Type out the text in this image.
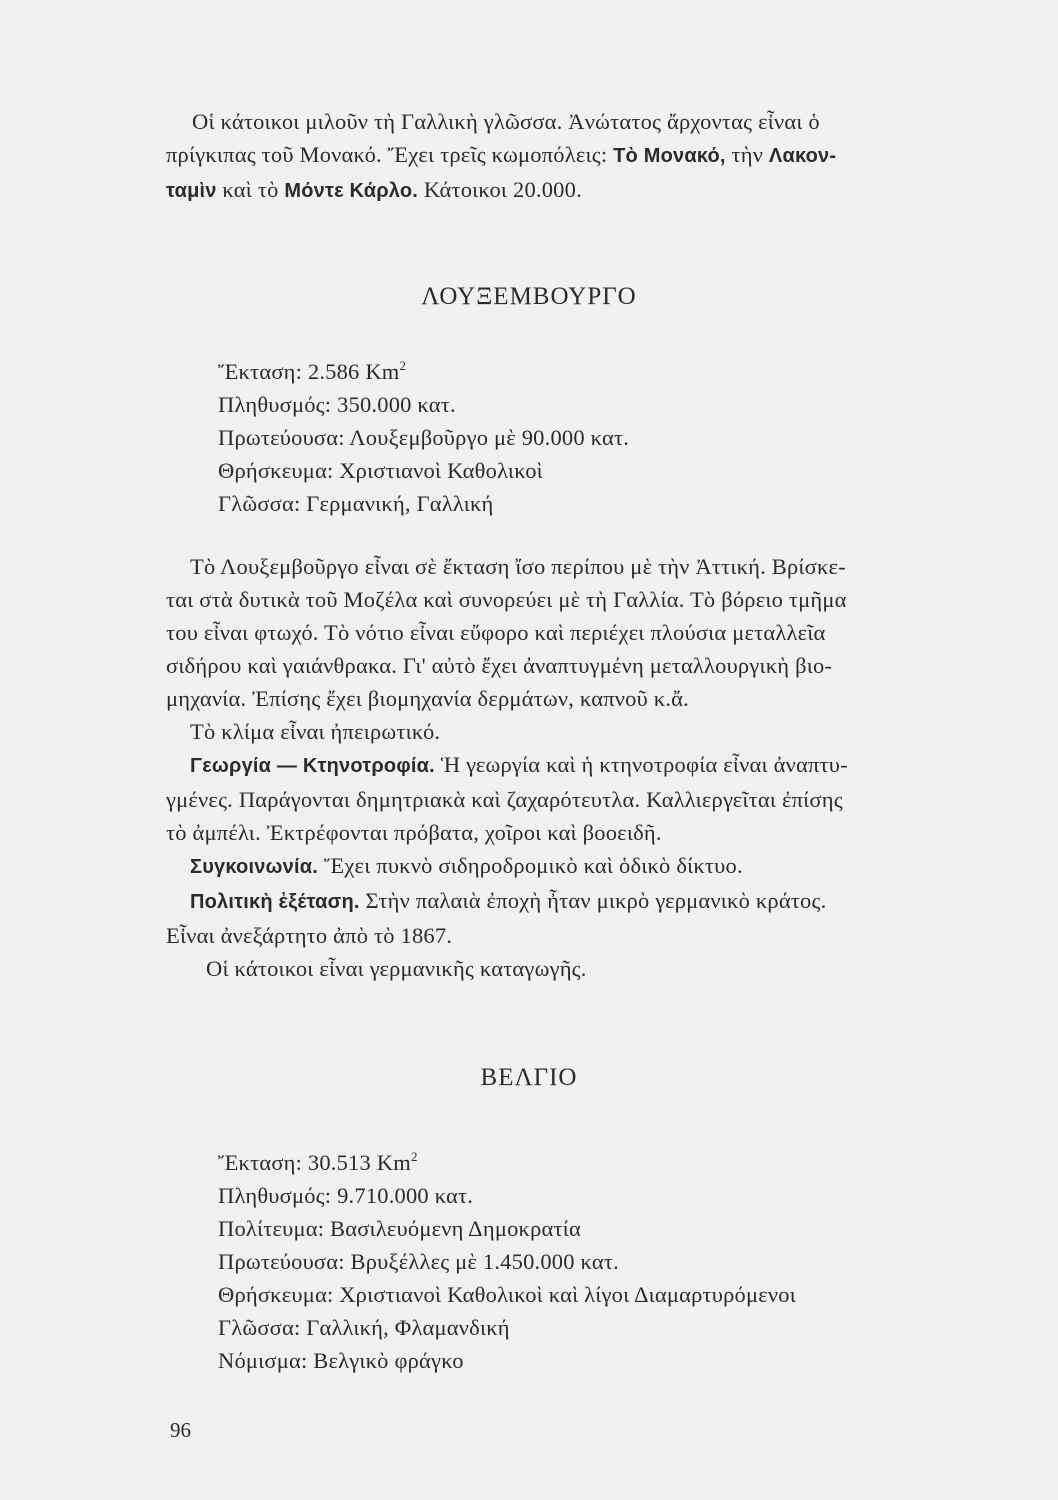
Οἱ κάτοικοι μιλοῦν τὴ Γαλλικὴ γλῶσσα. Ἀνώτατος ἄρχοντας εἶναι ὁ

πρίγκιπας τοῦ Μονακό. Ἔχει τρεῖς κωμοπόλεις: Τὸ Μονακό, τὴν Λακον-

ταμὶν καὶ τὸ Μόντε Κάρλο. Κάτοικοι 20.000.

ΛΟΥΞΕΜΒΟΥΡΓΟ
Ἔκταση: 2.586 Km$^2$
Πληθυσμός: 350.000 κατ.
Πρωτεύουσα: Λουξεμβοῦργο μὲ 90.000 κατ.
Θρήσκευμα: Χριστιανοὶ Καθολικοὶ
Γλῶσσα: Γερμανική, Γαλλική

Τὸ Λουξεμβοῦργο εἶναι σὲ ἔκταση ἴσο περίπου μὲ τὴν Ἀττική. Βρίσκε-

ται στὰ δυτικὰ τοῦ Μοζέλα καὶ συνορεύει μὲ τὴ Γαλλία. Τὸ βόρειο τμῆμα

του εἶναι φτωχό. Τὸ νότιο εἶναι εὔφορο καὶ περιέχει πλούσια μεταλλεῖα

σιδήρου καὶ γαιάνθρακα. Γι' αὐτὸ ἔχει ἀναπτυγμένη μεταλλουργικὴ βιο-

μηχανία. Ἐπίσης ἔχει βιομηχανία δερμάτων, καπνοῦ κ.ἄ.

Τὸ κλίμα εἶναι ἠπειρωτικό.

Γεωργία — Κτηνοτροφία. Ἡ γεωργία καὶ ἡ κτηνοτροφία εἶναι ἀναπτυ-

γμένες. Παράγονται δημητριακὰ καὶ ζαχαρότευτλα. Καλλιεργεῖται ἐπίσης

τὸ ἀμπέλι. Ἐκτρέφονται πρόβατα, χοῖροι καὶ βοοειδῆ.

Συγκοινωνία. Ἔχει πυκνὸ σιδηροδρομικὸ καὶ ὁδικὸ δίκτυο.

Πολιτικὴ ἐξέταση. Στὴν παλαιὰ ἐποχὴ ἦταν μικρὸ γερμανικὸ κράτος.

Εἶναι ἀνεξάρτητο ἀπὸ τὸ 1867.

Οἱ κάτοικοι εἶναι γερμανικῆς καταγωγῆς.

ΒΕΛΓΙΟ
Ἔκταση: 30.513 Km$^2$
Πληθυσμός: 9.710.000 κατ.
Πολίτευμα: Βασιλευόμενη Δημοκρατία
Πρωτεύουσα: Βρυξέλλες μὲ 1.450.000 κατ.
Θρήσκευμα: Χριστιανοὶ Καθολικοὶ καὶ λίγοι Διαμαρτυρόμενοι
Γλῶσσα: Γαλλική, Φλαμανδική
Νόμισμα: Βελγικὸ φράγκο
96
